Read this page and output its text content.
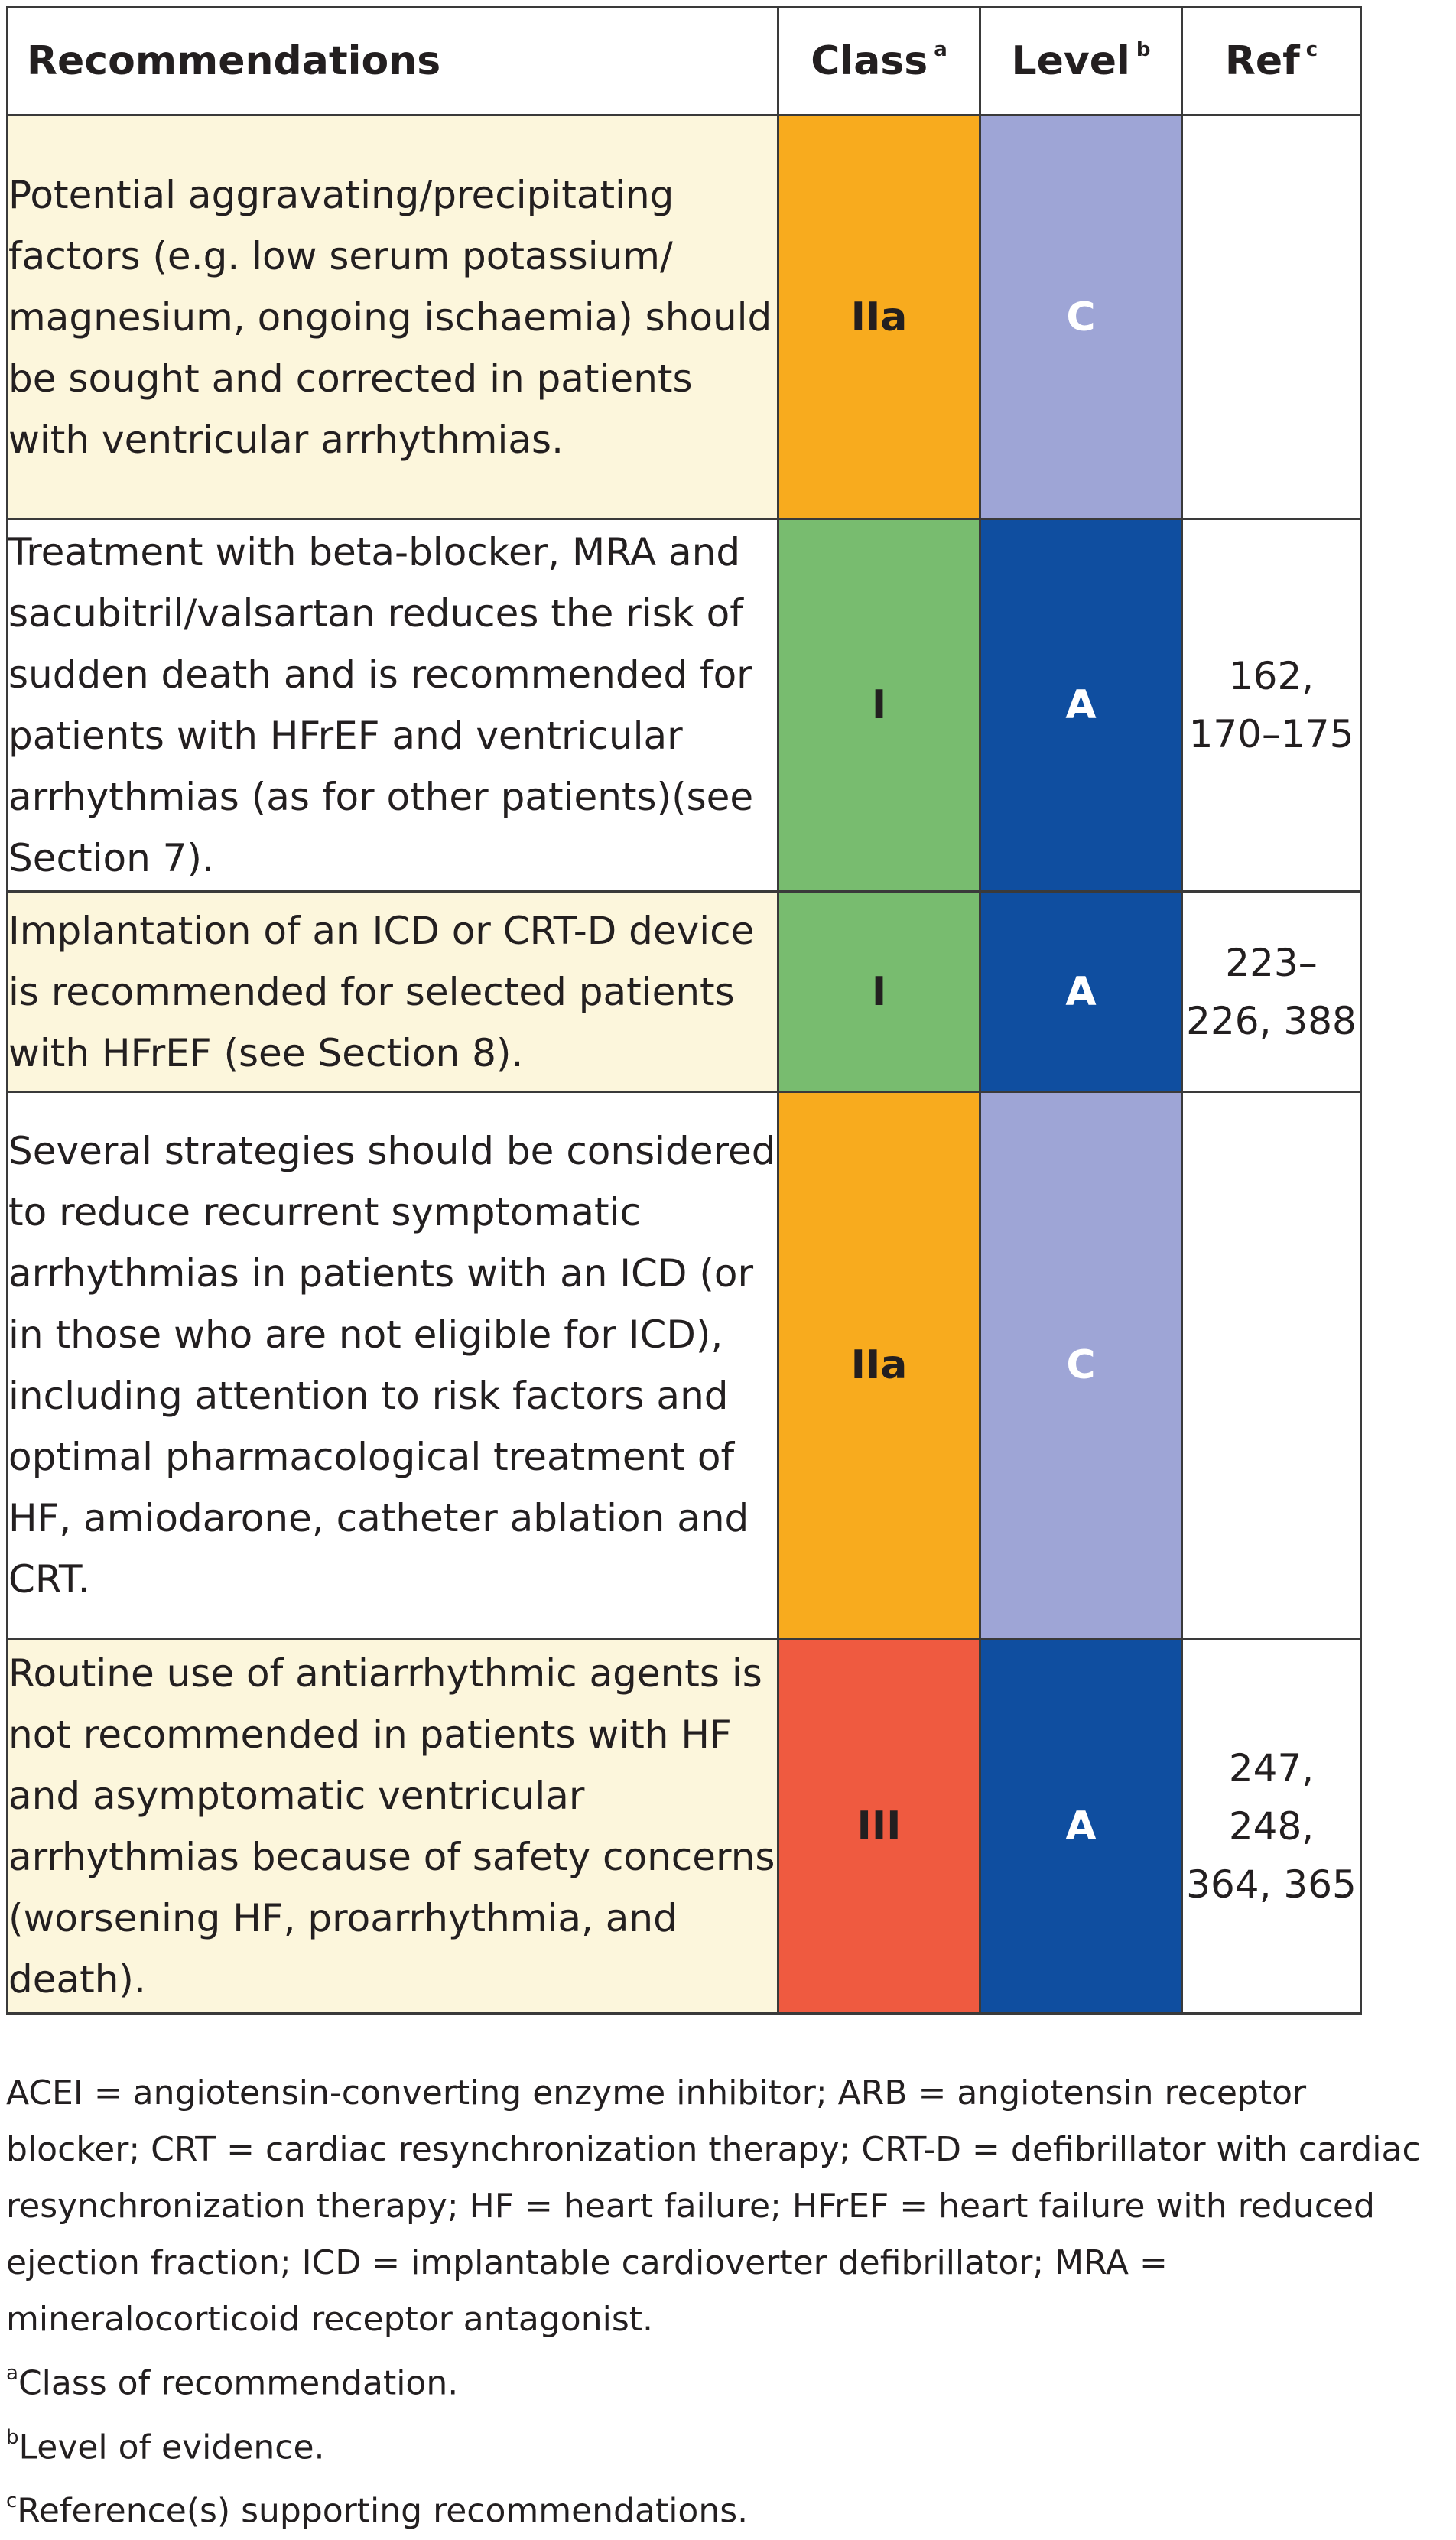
Recommendations	Class $^a$	Level $^b$	Ref $^c$
Potential aggravating/precipitating factors (e.g. low serum potassium/ magnesium, ongoing ischaemia) should be sought and corrected in patients with ventricular arrhythmias.	IIa	C	
Treatment with beta-blocker, MRA and sacubitril/valsartan reduces the risk of sudden death and is recommended for patients with HFrEF and ventricular arrhythmias (as for other patients)(see Section 7).	I	A	162, 170–175
Implantation of an ICD or CRT-D device is recommended for selected patients with HFrEF (see Section 8).	I	A	223–226, 388
Several strategies should be considered to reduce recurrent symptomatic arrhythmias in patients with an ICD (or in those who are not eligible for ICD), including attention to risk factors and optimal pharmacological treatment of HF, amiodarone, catheter ablation and CRT.	IIa	C	
Routine use of antiarrhythmic agents is not recommended in patients with HF and asymptomatic ventricular arrhythmias because of safety concerns (worsening HF, proarrhythmia, and death).	III	A	247, 248, 364, 365

ACEI = angiotensin-converting enzyme inhibitor; ARB = angiotensin receptor blocker; CRT = cardiac resynchronization therapy; CRT-D = defibrillator with cardiac resynchronization therapy; HF = heart failure; HFrEF = heart failure with reduced ejection fraction; ICD = implantable cardioverter defibrillator; MRA = mineralocorticoid receptor antagonist.

$^a$Class of recommendation.

$^b$Level of evidence.

$^c$Reference(s) supporting recommendations.
